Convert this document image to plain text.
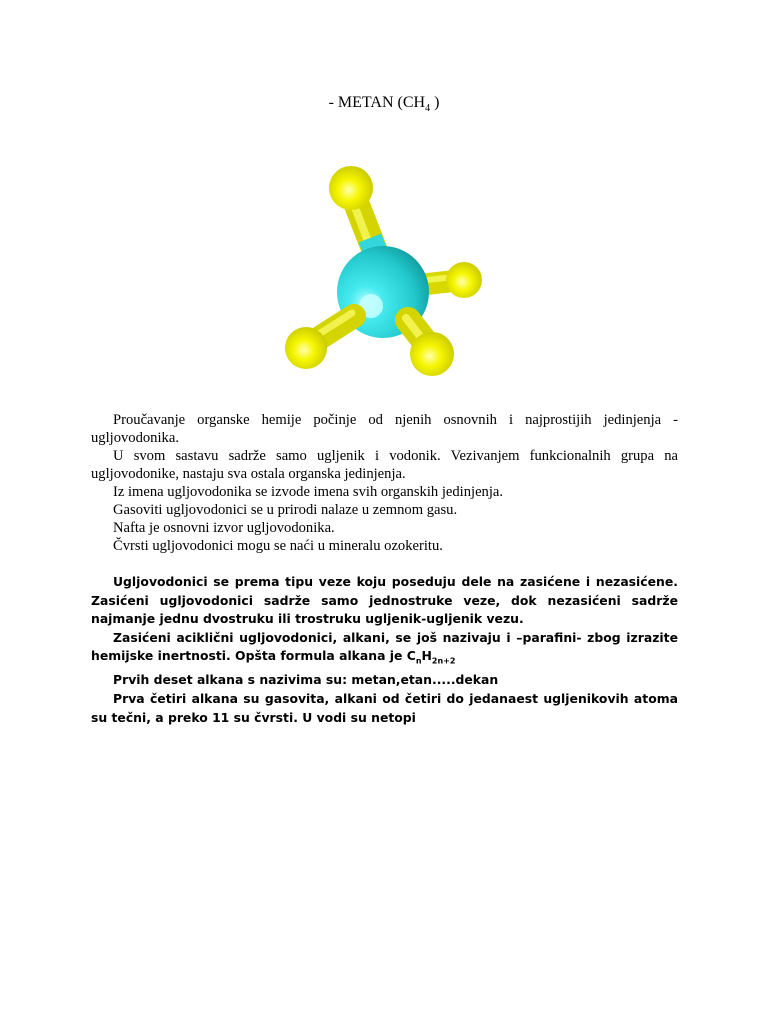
- METAN ($CH_4$ )

Proučavanje organske hemije počinje od njenih osnovnih i najprostijih jedinjenja - ugljovodonika.

U svom sastavu sadrže samo ugljenik i vodonik. Vezivanjem funkcionalnih grupa na ugljovodonike, nastaju sva ostala organska jedinjenja.

Iz imena ugljovodonika se izvode imena svih organskih jedinjenja.

Gasoviti ugljovodonici se u prirodi nalaze u zemnom gasu.

Nafta je osnovni izvor ugljovodonika.

Čvrsti ugljovodonici mogu se naći u mineralu ozokeritu.

Ugljovodonici se prema tipu veze koju poseduju dele na zasićene i nezasićene. Zasićeni ugljovodonici sadrže samo jednostruke veze, dok nezasićeni sadrže najmanje jednu dvostruku ili trostruku ugljenik-ugljenik vezu.

Zasićeni aciklični ugljovodonici, alkani, se još nazivaju i –parafini- zbog izrazite hemijske inertnosti. Opšta formula alkana je $C_nH_{2n+2}$

Prvih deset alkana s nazivima su: metan,etan.....dekan

Prva četiri alkana su gasovita, alkani od četiri do jedanaest ugljenikovih atoma su tečni, a preko 11 su čvrsti. U vodi su netopi
